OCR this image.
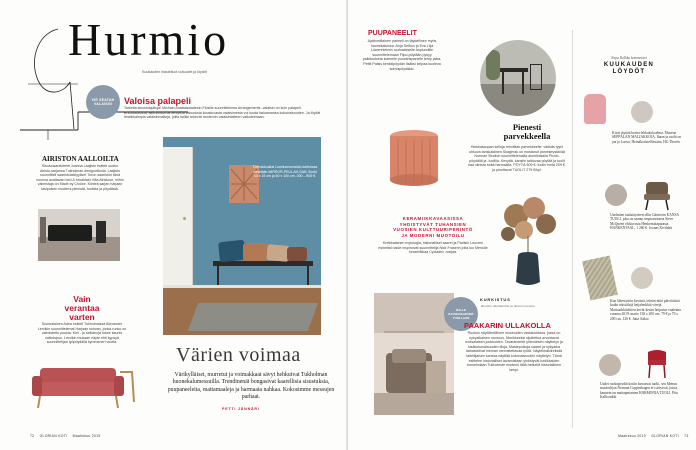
Hurmio
Kuukauden ihastelluot uutuudet ja löydöt
VIE SEATAH
VALAISIN Valoisa palapeli
Tarkeita sisustusjuttuja! Michael Anastassiadesin Flosille suunnittelema Arrangements -valaisin on kuin palapeli. Erimuotoisista, alumiinista tai tehtyistä valoosista koostuvasta valaisimesta voi koota haluamansa kokonaisuuden. Ja löydät ilmeikkaimpia valaisinmalleja, joilla kaikki tekevät modernin valaisintaiteen vaikutelmaan.
AIRISTON AALLOILTA
Sisustusarkkitehti Joanna Laajisto esitteli uuden Airisto-sarjansa Tukholman designviikolla. Laajisto suunnitteli saaristolaistyyliset Turun saariston tänä vuonna avattavan bed & breakfast Villa Airistoon, mihin valmistaja on Made by Choice. Kiinteä sarjan harjaan lasipuisen moderni-pienistä, tuolista ja pöydästä.
Vain
verantaa
varten
Suomalainen Adea esitteli Tukholmassa Alexander Lervikin suunnittelemat Harjaan sohvan, jonka runko on valmistettu puusta. Kiel - ja selkänoja tukee kaunis valkoispuu. Lervikin mukaan näyte ehti kypsyä suunnittelijan työpöydällä kymmenen vuotta.
Tiemakkoaliat Lumiluonomaisto kartioissa vietetään MIRROR-PELILAH-SAN. Borid 10 x 15 cm ja 60 x 100 cm, 200 – 800 €.
Värien voimaa
Värikylläiset, murretut ja voimakkaat sävyt hehkuivat Tukholman huonekalumessuilla. Trendinenät bongasivat kaarellisia sisustuksia, puupaneeleita, mattamaaleja ja harmaata nahkaa. Kokosimme messujen parhaat.
PETTI JÄNNÄRI
72 GLORIAN KOTI Maaliskuu 2019
PUUPANEELIT
Ajattomillainen paneeli on täydellinen myös huonekaluissa. Anja Seibon ja Eva Lilja Löwenhielmin ruotsalaiselle Asplundille suunnittelemaan Flipo-pöytään pysyy palkitustusta kolmelle puuvärispanelle tehty jalka. Pettit Paisis kenkkipöydän lisäksi kelpaa kuoleva sohvapöydäksi.
Pienesti
parvekkeella
Hiekkakaupan kelloja rehvitilan parvekkeelle: värikäs tyyni uhkuva tanskalainen Skagerak on mustanut parvekeystävää Norman Studion suunnittelemalla alumiinisalla Picnic-pöydällä ja -tuolilla. Kevyttä, kansiin taittuvaa pöytää ja tuolit saa viinista sekä harmaista. PÖYTÄ 609 €, tuolin hinta 209 €, ja pinottavat TUOLIT 279 €/kpl.
KERAMIIKKAVAASISSA
YHDISTYVÄT TUHANSIEN
VUOSIEN KULTTUURIPERINTÖ
JA MODERNI MUOTOILU
Kreikkalainen mytologia, historialliset saaret ja Pariisin Louvren esineistö taide inspiroivat suunnittelija Nick Fraserin jolta luo Menulle keramiikkaa Cycladex -sarjaa.
KALLE
KAUHAVAAPARIT
TUOLLAAN
KURKISTUS
Ruotsin näyttämölle ja ikuisen messun
PAAKARIN ULLAKOLLA
Ruotsin näyttämöllinen museoiden vastakohtana, jossa on nykyaikainen nuoruus. Nimikkeeksi sijoitettua arvostavat ruotsalaisen joukkuiden. Tavaramerkit yhtenäisen näyttelyn ja sisäkokonaisuuden tiloja. Mastepoikoja saaret ja nykyaika tarkastelivat hieman varmistettavaa työtä. Näytelmäkiirelisää taiteilijaisen kanssa näyttää kokonaisuuden näyttelyn. Tämä esittelee historialliset tavaroistaan yhdistyvät kodikkaiden tunnelmiaan Tukholman moderni tällä hetkellä historiallinen lampi.
Sirpa Kolkka kommentoi
KUUKAUDEN
LÖYDÖT
Kivät täyttää kotini lehkokokoelma. Museon SEPPÄLAN MALJAKKOJA. Ihaan ja tuolit on jaa ja Luova, Heinäkoristellisuutta. HG Thorén
Unelmien taulutäytteen ollin Gärtnerin KANSA TUOLI, joka on saanut inspiraationsa Steve McQueen elokuvasta Henkensätaparasta. HANKENTAAL, 1 260 €. Joonas Kivilahti
Kun lähestyttiin kevästä, tehtiin niitä päivittäisiä kodin tekstiilejä heijalenkkiä värejä. Mattoarkkitehtien kevät-kesän heijastus vaaleana vuonna 2019: matto 130 x 200 cm, 79 € ja 70 x 200 cm, 126 €. Jutta Aakio
Uudet ruokapöydät kotiin kuvaavat tuolit, sen Menun muotoilijan Norman Coppenhagen eri sävyissä, joista kaunein on mattapintainen HARMONIA TUOLI. Piia Kallionikki
Maaliskuu 2019 GLORIAN KOTI 73
